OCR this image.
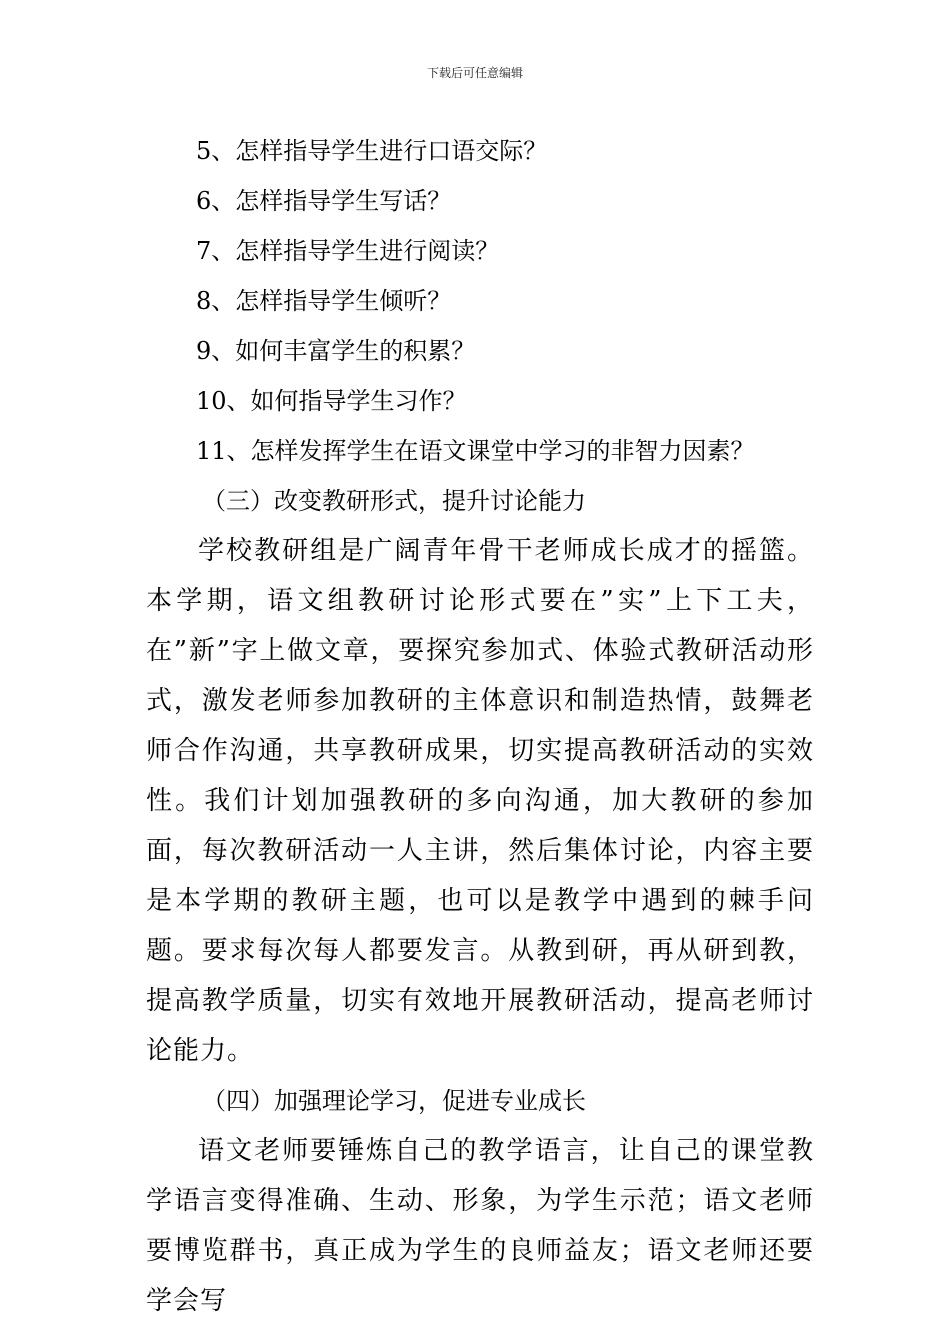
下载后可任意编辑
5、怎样指导学生进行口语交际？
6、怎样指导学生写话？
7、怎样指导学生进行阅读？
8、怎样指导学生倾听？
9、如何丰富学生的积累？
10、如何指导学生习作？
11、怎样发挥学生在语文课堂中学习的非智力因素？
（三）改变教研形式，提升讨论能力

学校教研组是广阔青年骨干老师成长成才的摇篮。本学期，语文组教研讨论形式要在”实”上下工夫，在”新”字上做文章，要探究参加式、体验式教研活动形式，激发老师参加教研的主体意识和制造热情，鼓舞老师合作沟通，共享教研成果，切实提高教研活动的实效性。我们计划加强教研的多向沟通，加大教研的参加面，每次教研活动一人主讲，然后集体讨论，内容主要是本学期的教研主题，也可以是教学中遇到的棘手问题。要求每次每人都要发言。从教到研，再从研到教，提高教学质量，切实有效地开展教研活动，提高老师讨论能力。

（四）加强理论学习，促进专业成长

语文老师要锤炼自己的教学语言，让自己的课堂教学语言变得准确、生动、形象，为学生示范；语文老师要博览群书，真正成为学生的良师益友；语文老师还要学会写
